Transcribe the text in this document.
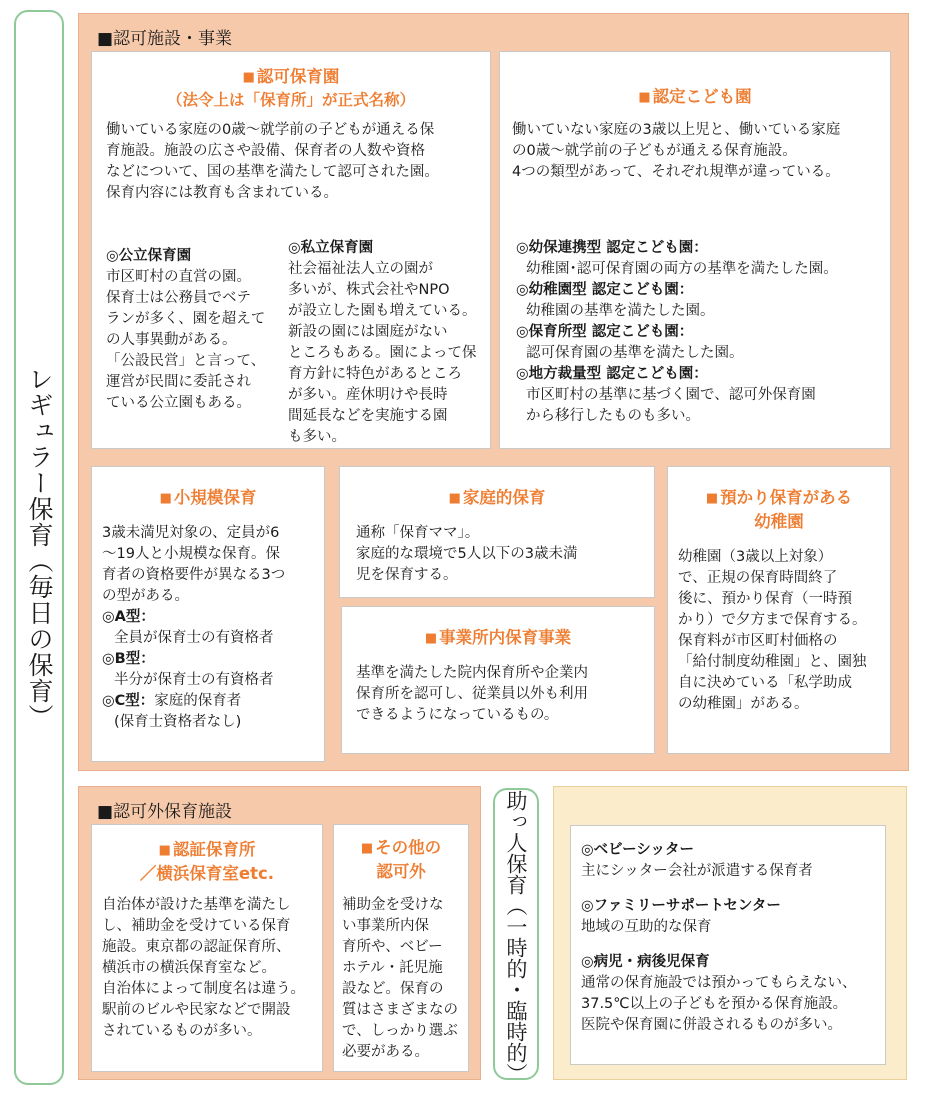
レギュラー保育（毎日の保育）
■認可施設・事業
■ 認可保育園
（法令上は「保育所」が正式名称）
働いている家庭の0歳～就学前の子どもが通える保
育施設。施設の広さや設備、保育者の人数や資格
などについて、国の基準を満たして認可された園。
保育内容には教育も含まれている。
◎公立保育園
市区町村の直営の園。
保育士は公務員でベテ
ランが多く、園を超えて
の人事異動がある。
「公設民営」と言って、
運営が民間に委託され
ている公立園もある。
◎私立保育園
社会福祉法人立の園が
多いが、株式会社やNPO
が設立した園も増えている。
新設の園には園庭がない
ところもある。園によって保
育方針に特色があるところ
が多い。産休明けや長時
間延長などを実施する園
も多い。
■ 認定こども園
働いていない家庭の3歳以上児と、働いている家庭
の0歳～就学前の子どもが通える保育施設。
4つの類型があって、それぞれ規準が違っている。
◎幼保連携型 認定こども園：
幼稚園･認可保育園の両方の基準を満たした園。
◎幼稚園型 認定こども園：
幼稚園の基準を満たした園。
◎保育所型 認定こども園：
認可保育園の基準を満たした園。
◎地方裁量型 認定こども園：
市区町村の基準に基づく園で、認可外保育園
から移行したものも多い。
■ 小規模保育
3歳未満児対象の、定員が6
～19人と小規模な保育。保
育者の資格要件が異なる3つ
の型がある。
◎A型：
全員が保育士の有資格者
◎B型：
半分が保育士の有資格者
◎C型：家庭的保育者
(保育士資格者なし)
■ 家庭的保育
通称「保育ママ」。
家庭的な環境で5人以下の3歳未満
児を保育する。
■ 事業所内保育事業
基準を満たした院内保育所や企業内
保育所を認可し、従業員以外も利用
できるようになっているもの。
■ 預かり保育がある
幼稚園
幼稚園（3歳以上対象）
で、正規の保育時間終了
後に、預かり保育（一時預
かり）で夕方まで保育する。
保育料が市区町村価格の
「給付制度幼稚園」と、園独
自に決めている「私学助成
の幼稚園」がある。
■認可外保育施設
■ 認証保育所
／横浜保育室etc.
自治体が設けた基準を満たし
し、補助金を受けている保育
施設。東京都の認証保育所、
横浜市の横浜保育室など。
自治体によって制度名は違う。
駅前のビルや民家などで開設
されているものが多い。
■ その他の
認可外
補助金を受けな
い事業所内保
育所や、ベビー
ホテル・託児施
設など。保育の
質はさまざまなの
で、しっかり選ぶ
必要がある。	助っ人保育（一時的・臨時的）	◎ベビーシッター
主にシッター会社が派遣する保育者
◎ファミリーサポートセンター
地域の互助的な保育
◎病児・病後児保育
通常の保育施設では預かってもらえない、
37.5℃以上の子どもを預かる保育施設。
医院や保育園に併設されるものが多い。
